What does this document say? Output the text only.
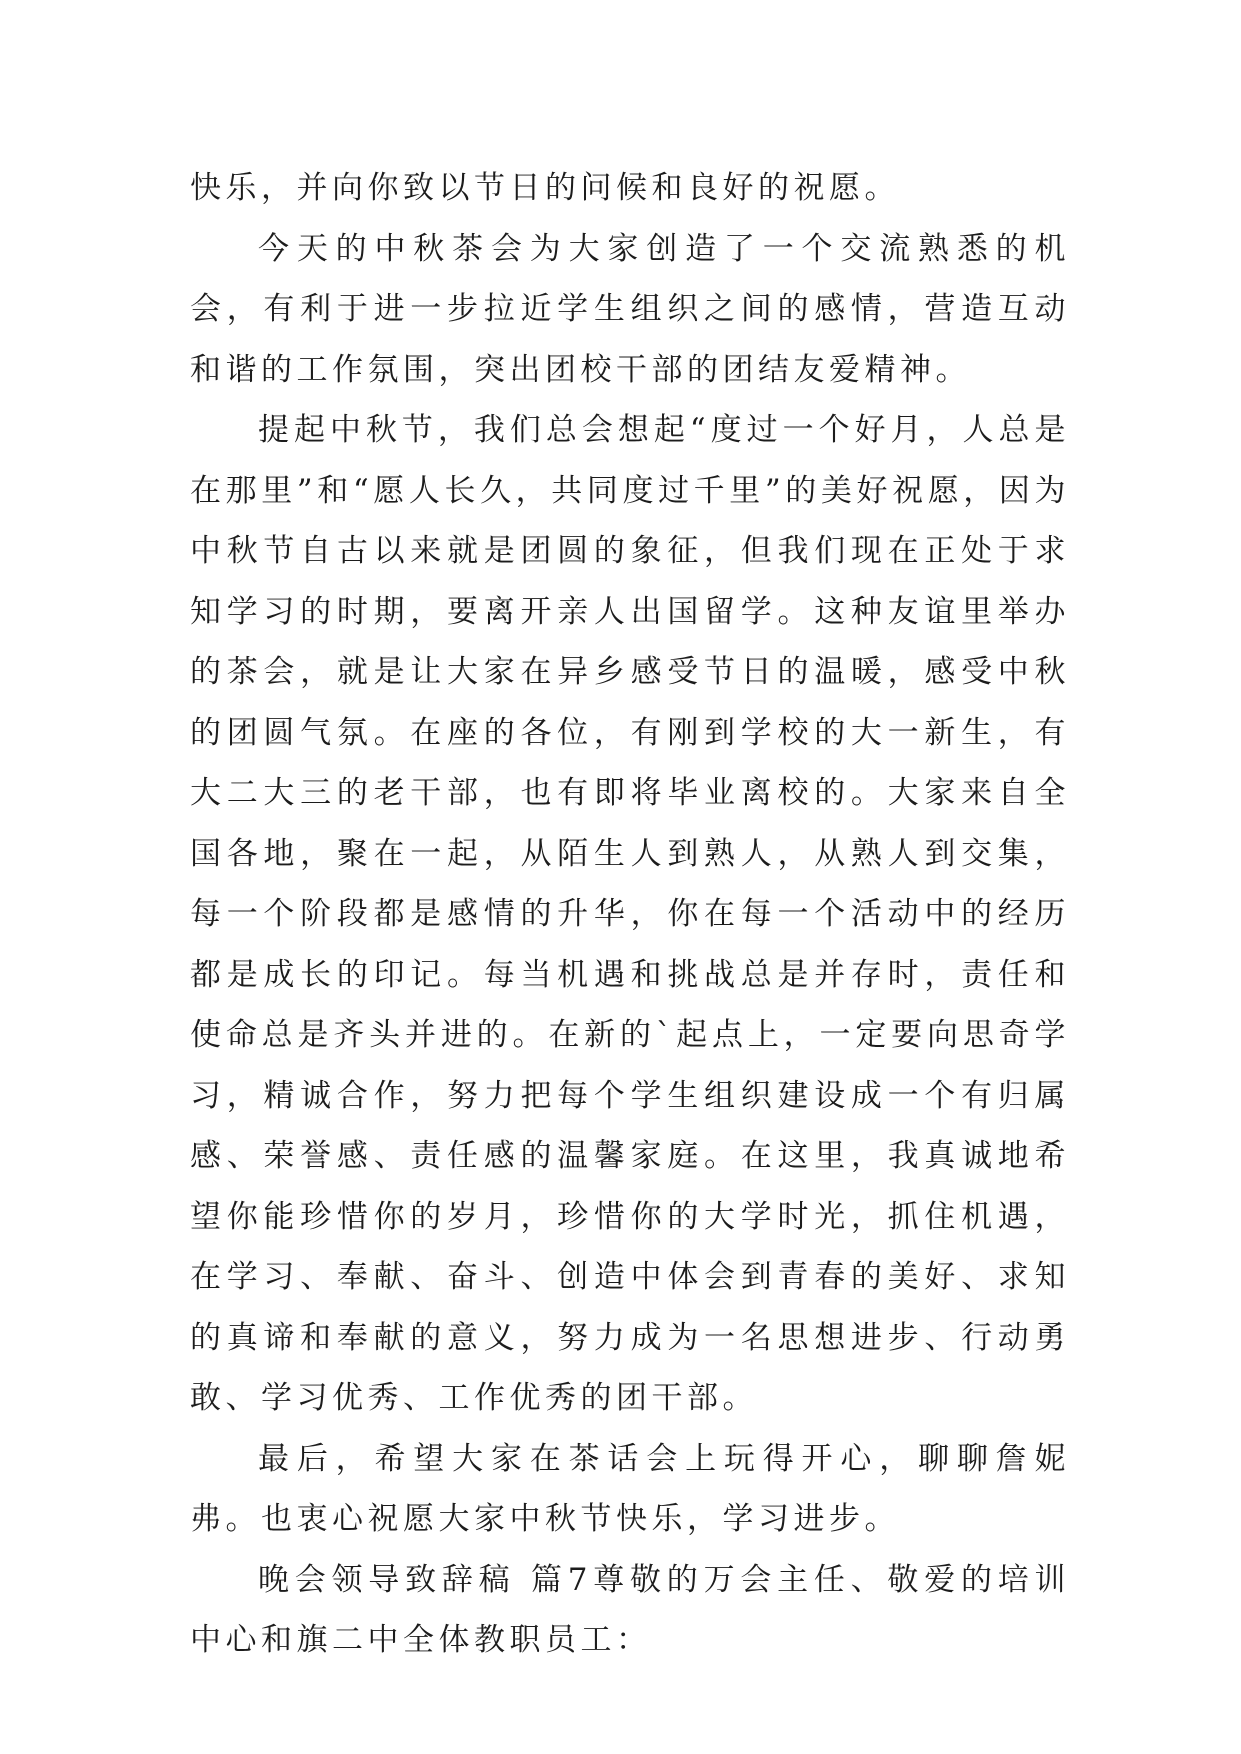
快乐，并向你致以节日的问候和良好的祝愿。

今天的中秋茶会为大家创造了一个交流熟悉的机会，有利于进一步拉近学生组织之间的感情，营造互动和谐的工作氛围，突出团校干部的团结友爱精神。

提起中秋节，我们总会想起“度过一个好月，人总是在那里”和“愿人长久，共同度过千里”的美好祝愿，因为中秋节自古以来就是团圆的象征，但我们现在正处于求知学习的时期，要离开亲人出国留学。这种友谊里举办的茶会，就是让大家在异乡感受节日的温暖，感受中秋的团圆气氛。在座的各位，有刚到学校的大一新生，有大二大三的老干部，也有即将毕业离校的。大家来自全国各地，聚在一起，从陌生人到熟人，从熟人到交集，每一个阶段都是感情的升华，你在每一个活动中的经历都是成长的印记。每当机遇和挑战总是并存时，责任和使命总是齐头并进的。在新的`起点上，一定要向思奇学习，精诚合作，努力把每个学生组织建设成一个有归属感、荣誉感、责任感的温馨家庭。在这里，我真诚地希望你能珍惜你的岁月，珍惜你的大学时光，抓住机遇，在学习、奉献、奋斗、创造中体会到青春的美好、求知的真谛和奉献的意义，努力成为一名思想进步、行动勇敢、学习优秀、工作优秀的团干部。

最后，希望大家在茶话会上玩得开心，聊聊詹妮弗。也衷心祝愿大家中秋节快乐，学习进步。

晚会领导致辞稿 篇7尊敬的万会主任、敬爱的培训中心和旗二中全体教职员工：
